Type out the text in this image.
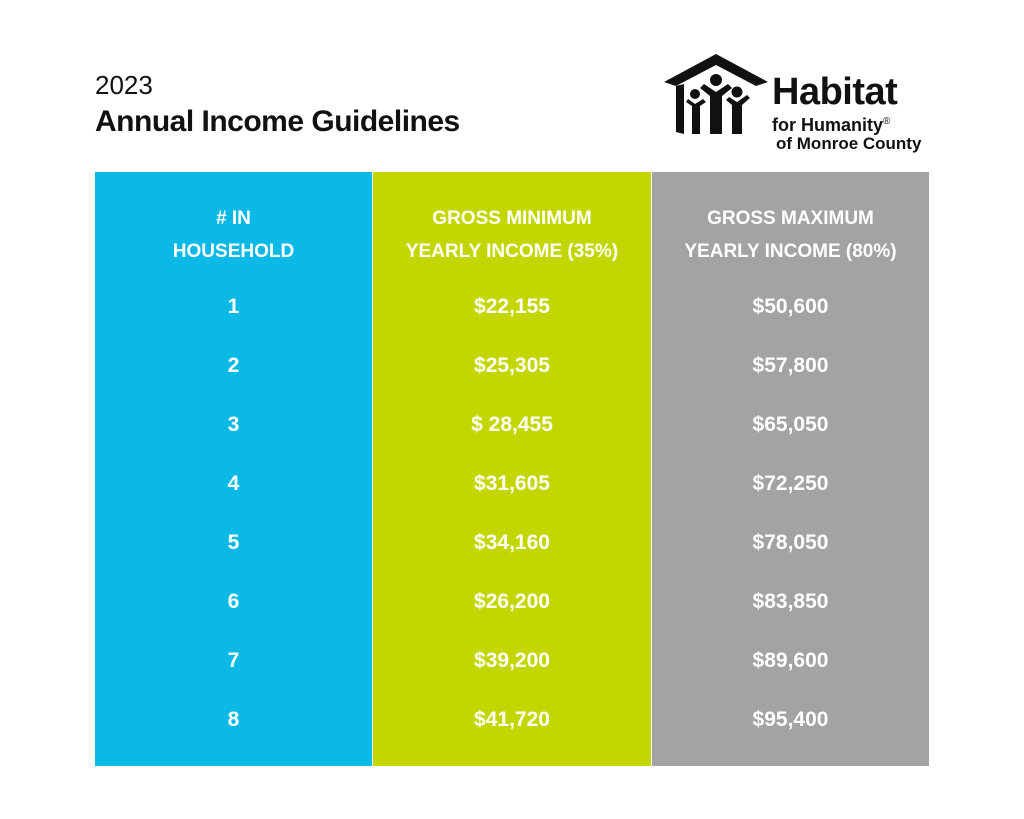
2023
Annual Income Guidelines
Habitat
for Humanity®
of Monroe County
# IN
HOUSEHOLD
1
2
3
4
5
6
7
8
GROSS MINIMUM
YEARLY INCOME (35%)
$22,155
$25,305
$ 28,455
$31,605
$34,160
$26,200
$39,200
$41,720
GROSS MAXIMUM
YEARLY INCOME (80%)
$50,600
$57,800
$65,050
$72,250
$78,050
$83,850
$89,600
$95,400
